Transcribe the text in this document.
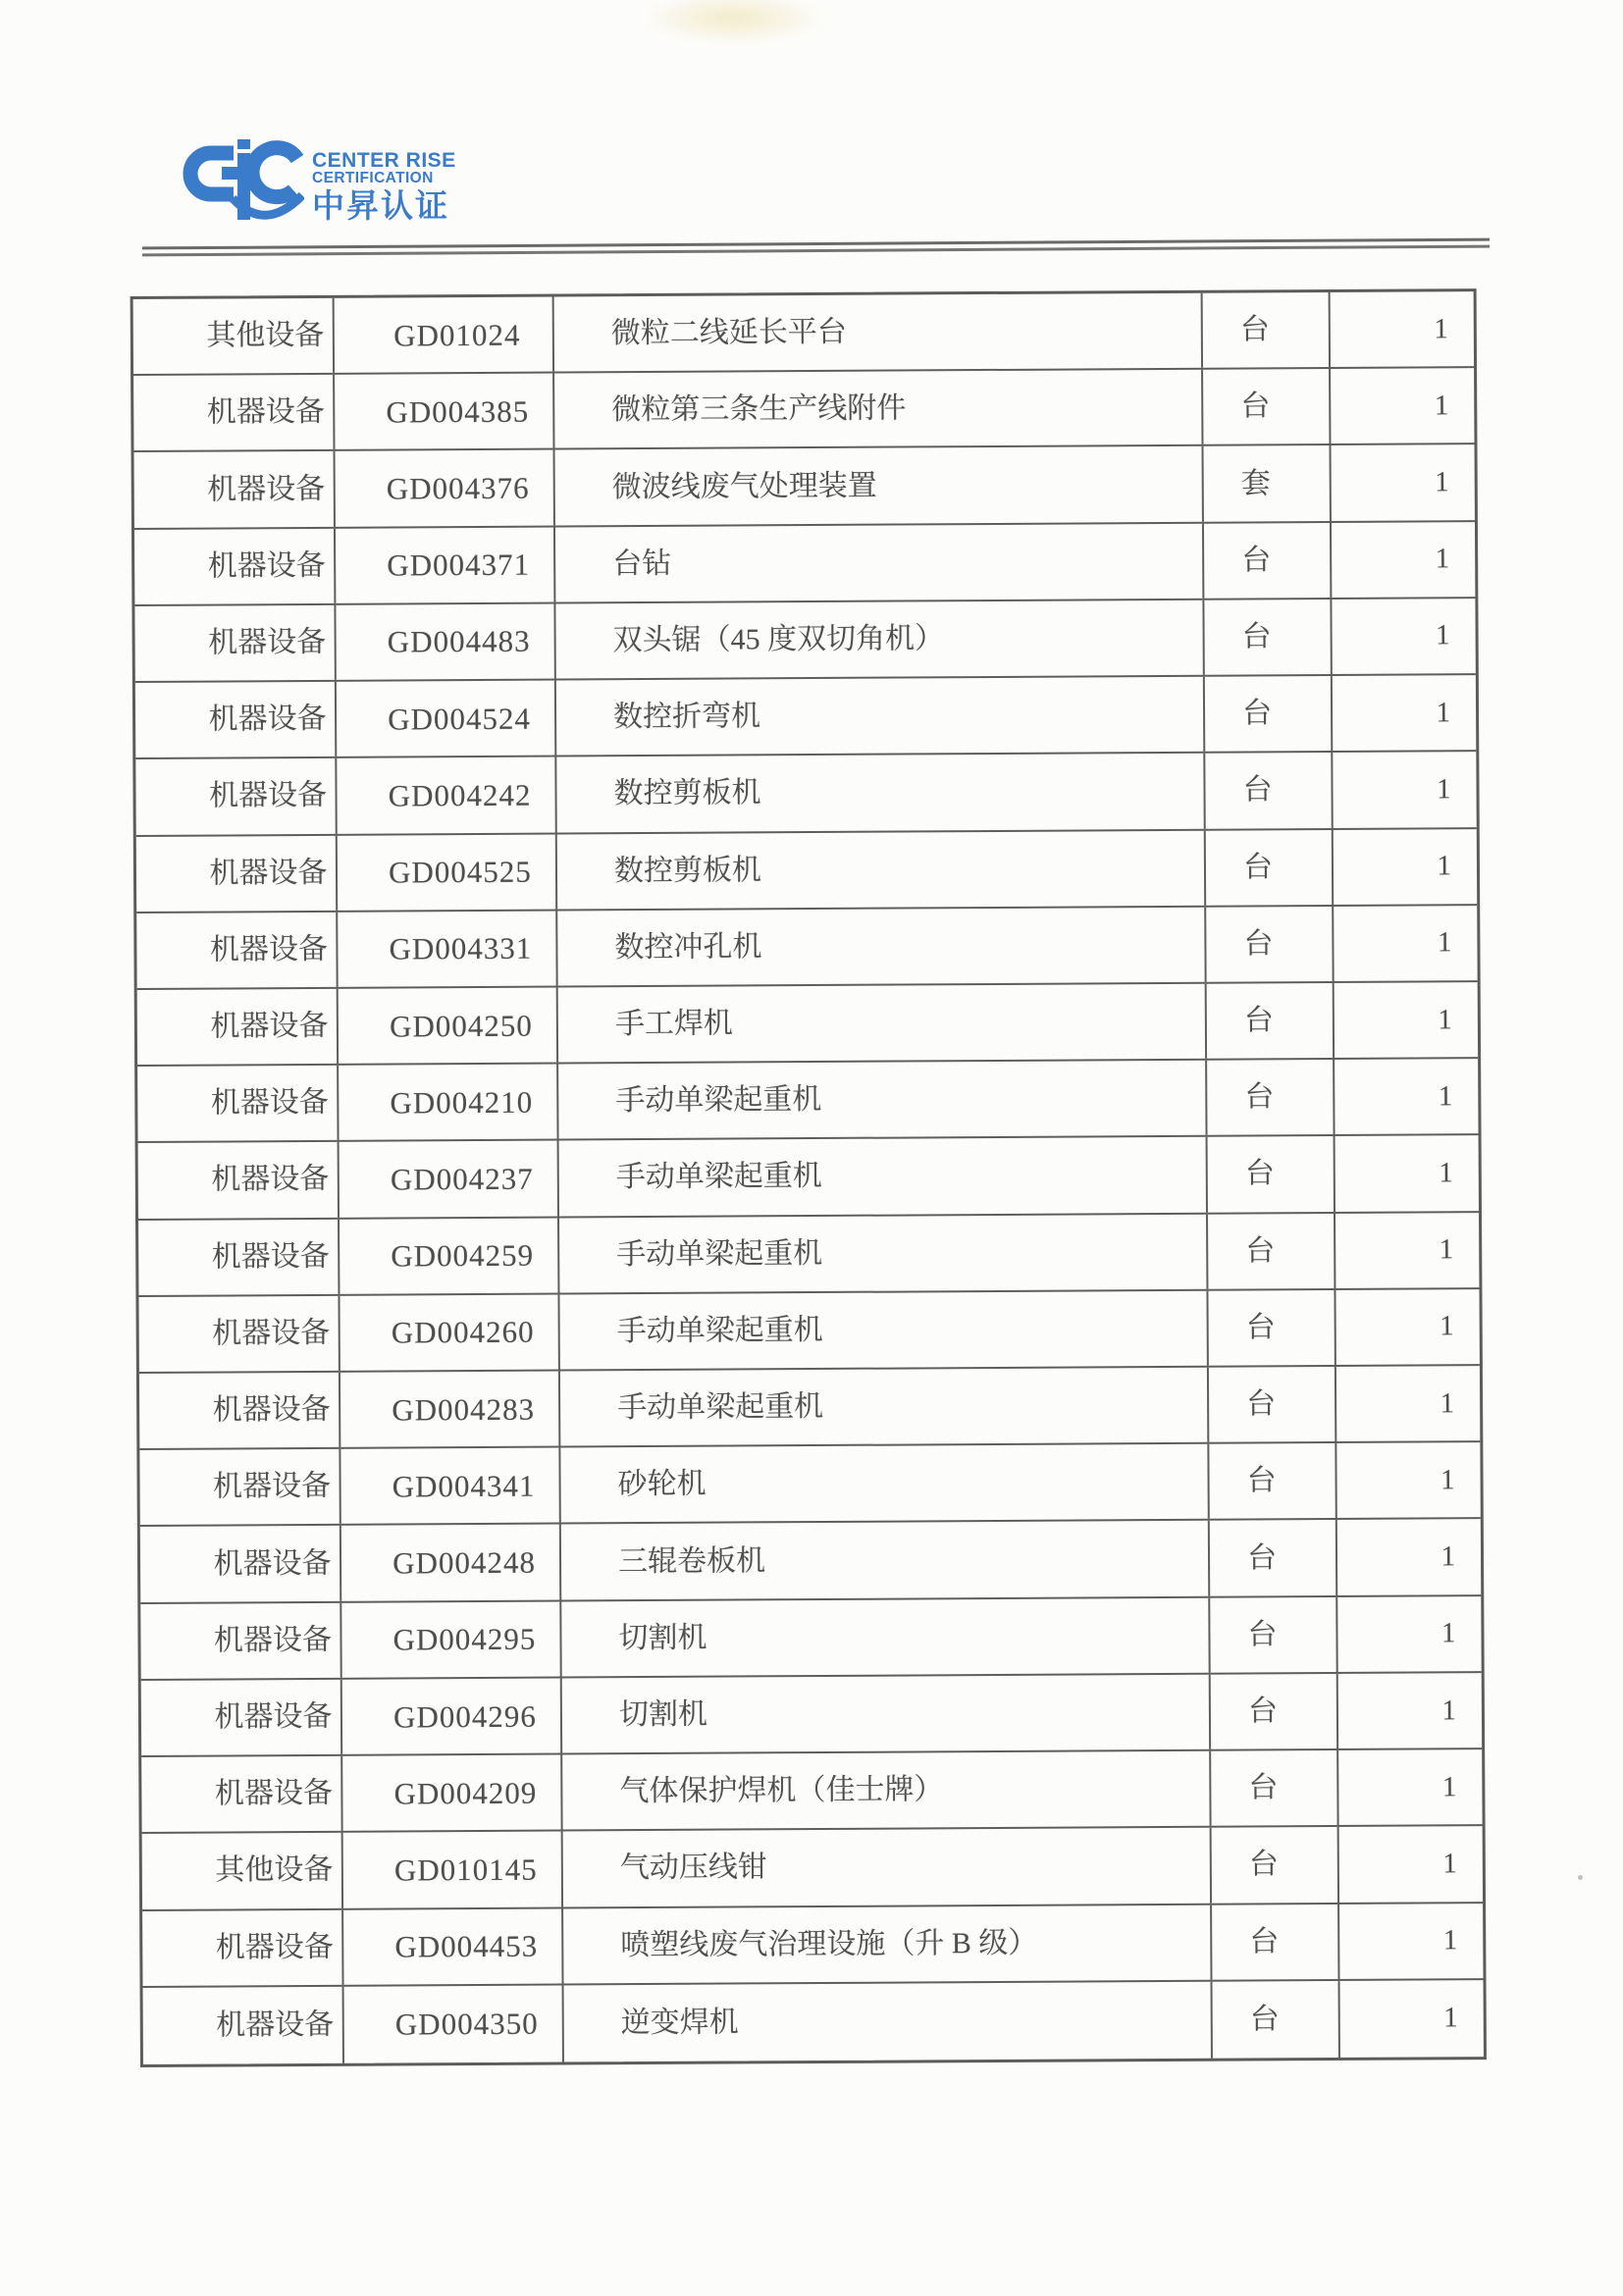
CENTER RISE
CERTIFICATION
中昇认证
其他设备	GD01024	微粒二线延长平台	台	1
机器设备	GD004385	微粒第三条生产线附件	台	1
机器设备	GD004376	微波线废气处理装置	套	1
机器设备	GD004371	台钻	台	1
机器设备	GD004483	双头锯（45 度双切角机）	台	1
机器设备	GD004524	数控折弯机	台	1
机器设备	GD004242	数控剪板机	台	1
机器设备	GD004525	数控剪板机	台	1
机器设备	GD004331	数控冲孔机	台	1
机器设备	GD004250	手工焊机	台	1
机器设备	GD004210	手动单梁起重机	台	1
机器设备	GD004237	手动单梁起重机	台	1
机器设备	GD004259	手动单梁起重机	台	1
机器设备	GD004260	手动单梁起重机	台	1
机器设备	GD004283	手动单梁起重机	台	1
机器设备	GD004341	砂轮机	台	1
机器设备	GD004248	三辊卷板机	台	1
机器设备	GD004295	切割机	台	1
机器设备	GD004296	切割机	台	1
机器设备	GD004209	气体保护焊机（佳士牌）	台	1
其他设备	GD010145	气动压线钳	台	1
机器设备	GD004453	喷塑线废气治理设施（升 B 级）	台	1
机器设备	GD004350	逆变焊机	台	1
